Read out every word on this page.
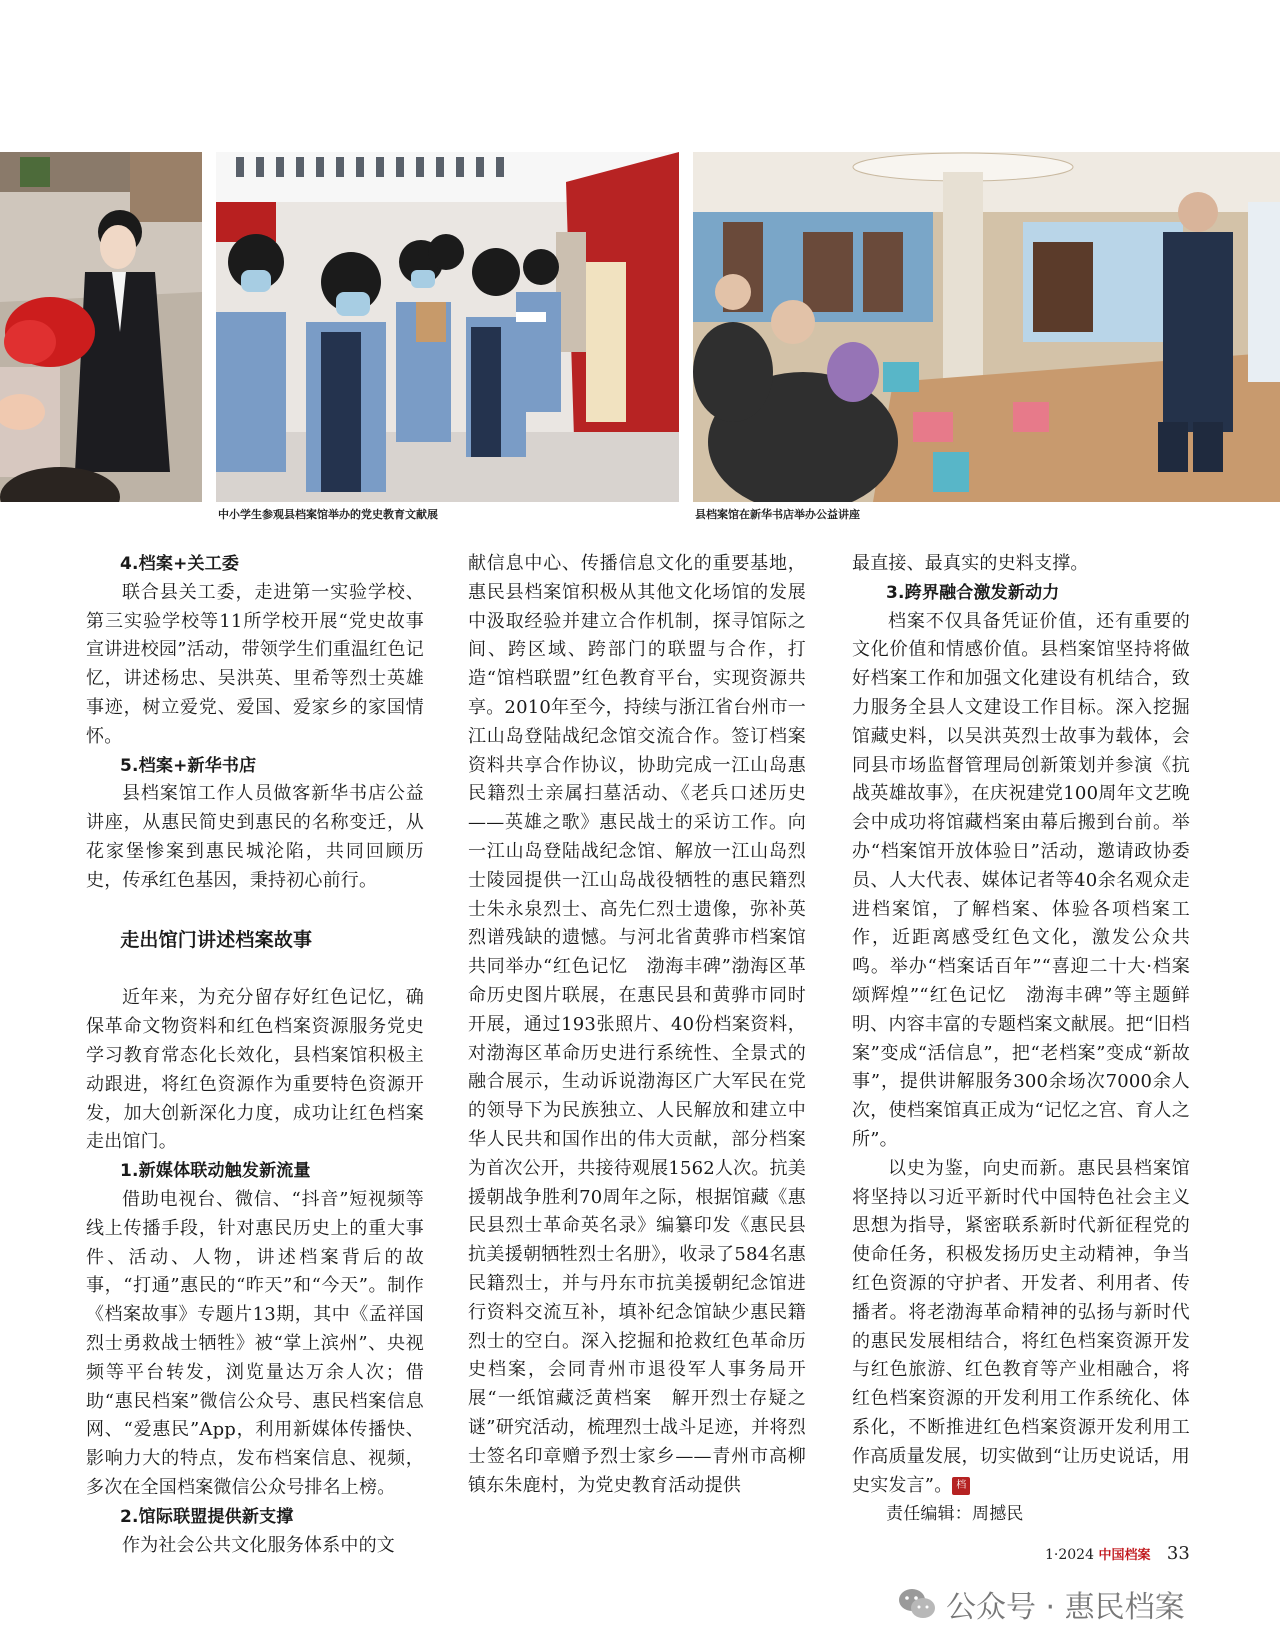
中小学生参观县档案馆举办的党史教育文献展	县档案馆在新华书店举办公益讲座

4.档案+关工委

联合县关工委，走进第一实验学校、第三实验学校等11所学校开展“党史故事宣讲进校园”活动，带领学生们重温红色记忆，讲述杨忠、吴洪英、里希等烈士英雄事迹，树立爱党、爱国、爱家乡的家国情怀。

5.档案+新华书店

县档案馆工作人员做客新华书店公益讲座，从惠民简史到惠民的名称变迁，从花家堡惨案到惠民城沦陷，共同回顾历史，传承红色基因，秉持初心前行。

走出馆门讲述档案故事

近年来，为充分留存好红色记忆，确保革命文物资料和红色档案资源服务党史学习教育常态化长效化，县档案馆积极主动跟进，将红色资源作为重要特色资源开发，加大创新深化力度，成功让红色档案走出馆门。

1.新媒体联动触发新流量

借助电视台、微信、“抖音”短视频等线上传播手段，针对惠民历史上的重大事件、活动、人物，讲述档案背后的故事，“打通”惠民的“昨天”和“今天”。制作《档案故事》专题片13期，其中《孟祥国烈士勇救战士牺牲》被“掌上滨州”、央视频等平台转发，浏览量达万余人次；借助“惠民档案”微信公众号、惠民档案信息网、“爱惠民”App，利用新媒体传播快、影响力大的特点，发布档案信息、视频，多次在全国档案微信公众号排名上榜。

2.馆际联盟提供新支撑

作为社会公共文化服务体系中的文

献信息中心、传播信息文化的重要基地，惠民县档案馆积极从其他文化场馆的发展中汲取经验并建立合作机制，探寻馆际之间、跨区域、跨部门的联盟与合作，打造“馆档联盟”红色教育平台，实现资源共享。2010年至今，持续与浙江省台州市一江山岛登陆战纪念馆交流合作。签订档案资料共享合作协议，协助完成一江山岛惠民籍烈士亲属扫墓活动、《老兵口述历史——英雄之歌》惠民战士的采访工作。向一江山岛登陆战纪念馆、解放一江山岛烈士陵园提供一江山岛战役牺牲的惠民籍烈士朱永泉烈士、高先仁烈士遗像，弥补英烈谱残缺的遗憾。与河北省黄骅市档案馆共同举办“红色记忆　渤海丰碑”渤海区革命历史图片联展，在惠民县和黄骅市同时开展，通过193张照片、40份档案资料，对渤海区革命历史进行系统性、全景式的融合展示，生动诉说渤海区广大军民在党的领导下为民族独立、人民解放和建立中华人民共和国作出的伟大贡献，部分档案为首次公开，共接待观展1562人次。抗美援朝战争胜利70周年之际，根据馆藏《惠民县烈士革命英名录》编纂印发《惠民县抗美援朝牺牲烈士名册》，收录了584名惠民籍烈士，并与丹东市抗美援朝纪念馆进行资料交流互补，填补纪念馆缺少惠民籍烈士的空白。深入挖掘和抢救红色革命历史档案，会同青州市退役军人事务局开展“一纸馆藏泛黄档案　解开烈士存疑之谜”研究活动，梳理烈士战斗足迹，并将烈士签名印章赠予烈士家乡——青州市高柳镇东朱鹿村，为党史教育活动提供

最直接、最真实的史料支撑。

3.跨界融合激发新动力

档案不仅具备凭证价值，还有重要的文化价值和情感价值。县档案馆坚持将做好档案工作和加强文化建设有机结合，致力服务全县人文建设工作目标。深入挖掘馆藏史料，以吴洪英烈士故事为载体，会同县市场监督管理局创新策划并参演《抗战英雄故事》，在庆祝建党100周年文艺晚会中成功将馆藏档案由幕后搬到台前。举办“档案馆开放体验日”活动，邀请政协委员、人大代表、媒体记者等40余名观众走进档案馆，了解档案、体验各项档案工作，近距离感受红色文化，激发公众共鸣。举办“档案话百年”“喜迎二十大·档案颂辉煌”“红色记忆　渤海丰碑”等主题鲜明、内容丰富的专题档案文献展。把“旧档案”变成“活信息”，把“老档案”变成“新故事”，提供讲解服务300余场次7000余人次，使档案馆真正成为“记忆之宫、育人之所”。

以史为鉴，向史而新。惠民县档案馆将坚持以习近平新时代中国特色社会主义思想为指导，紧密联系新时代新征程党的使命任务，积极发扬历史主动精神，争当红色资源的守护者、开发者、利用者、传播者。将老渤海革命精神的弘扬与新时代的惠民发展相结合，将红色档案资源开发与红色旅游、红色教育等产业相融合，将红色档案资源的开发利用工作系统化、体系化，不断推进红色档案资源开发利用工作高质量发展，切实做到“让历史说话，用史实发言”。 档

责任编辑：周撼民

1·2024 中国档案 33
公众号 · 惠民档案
